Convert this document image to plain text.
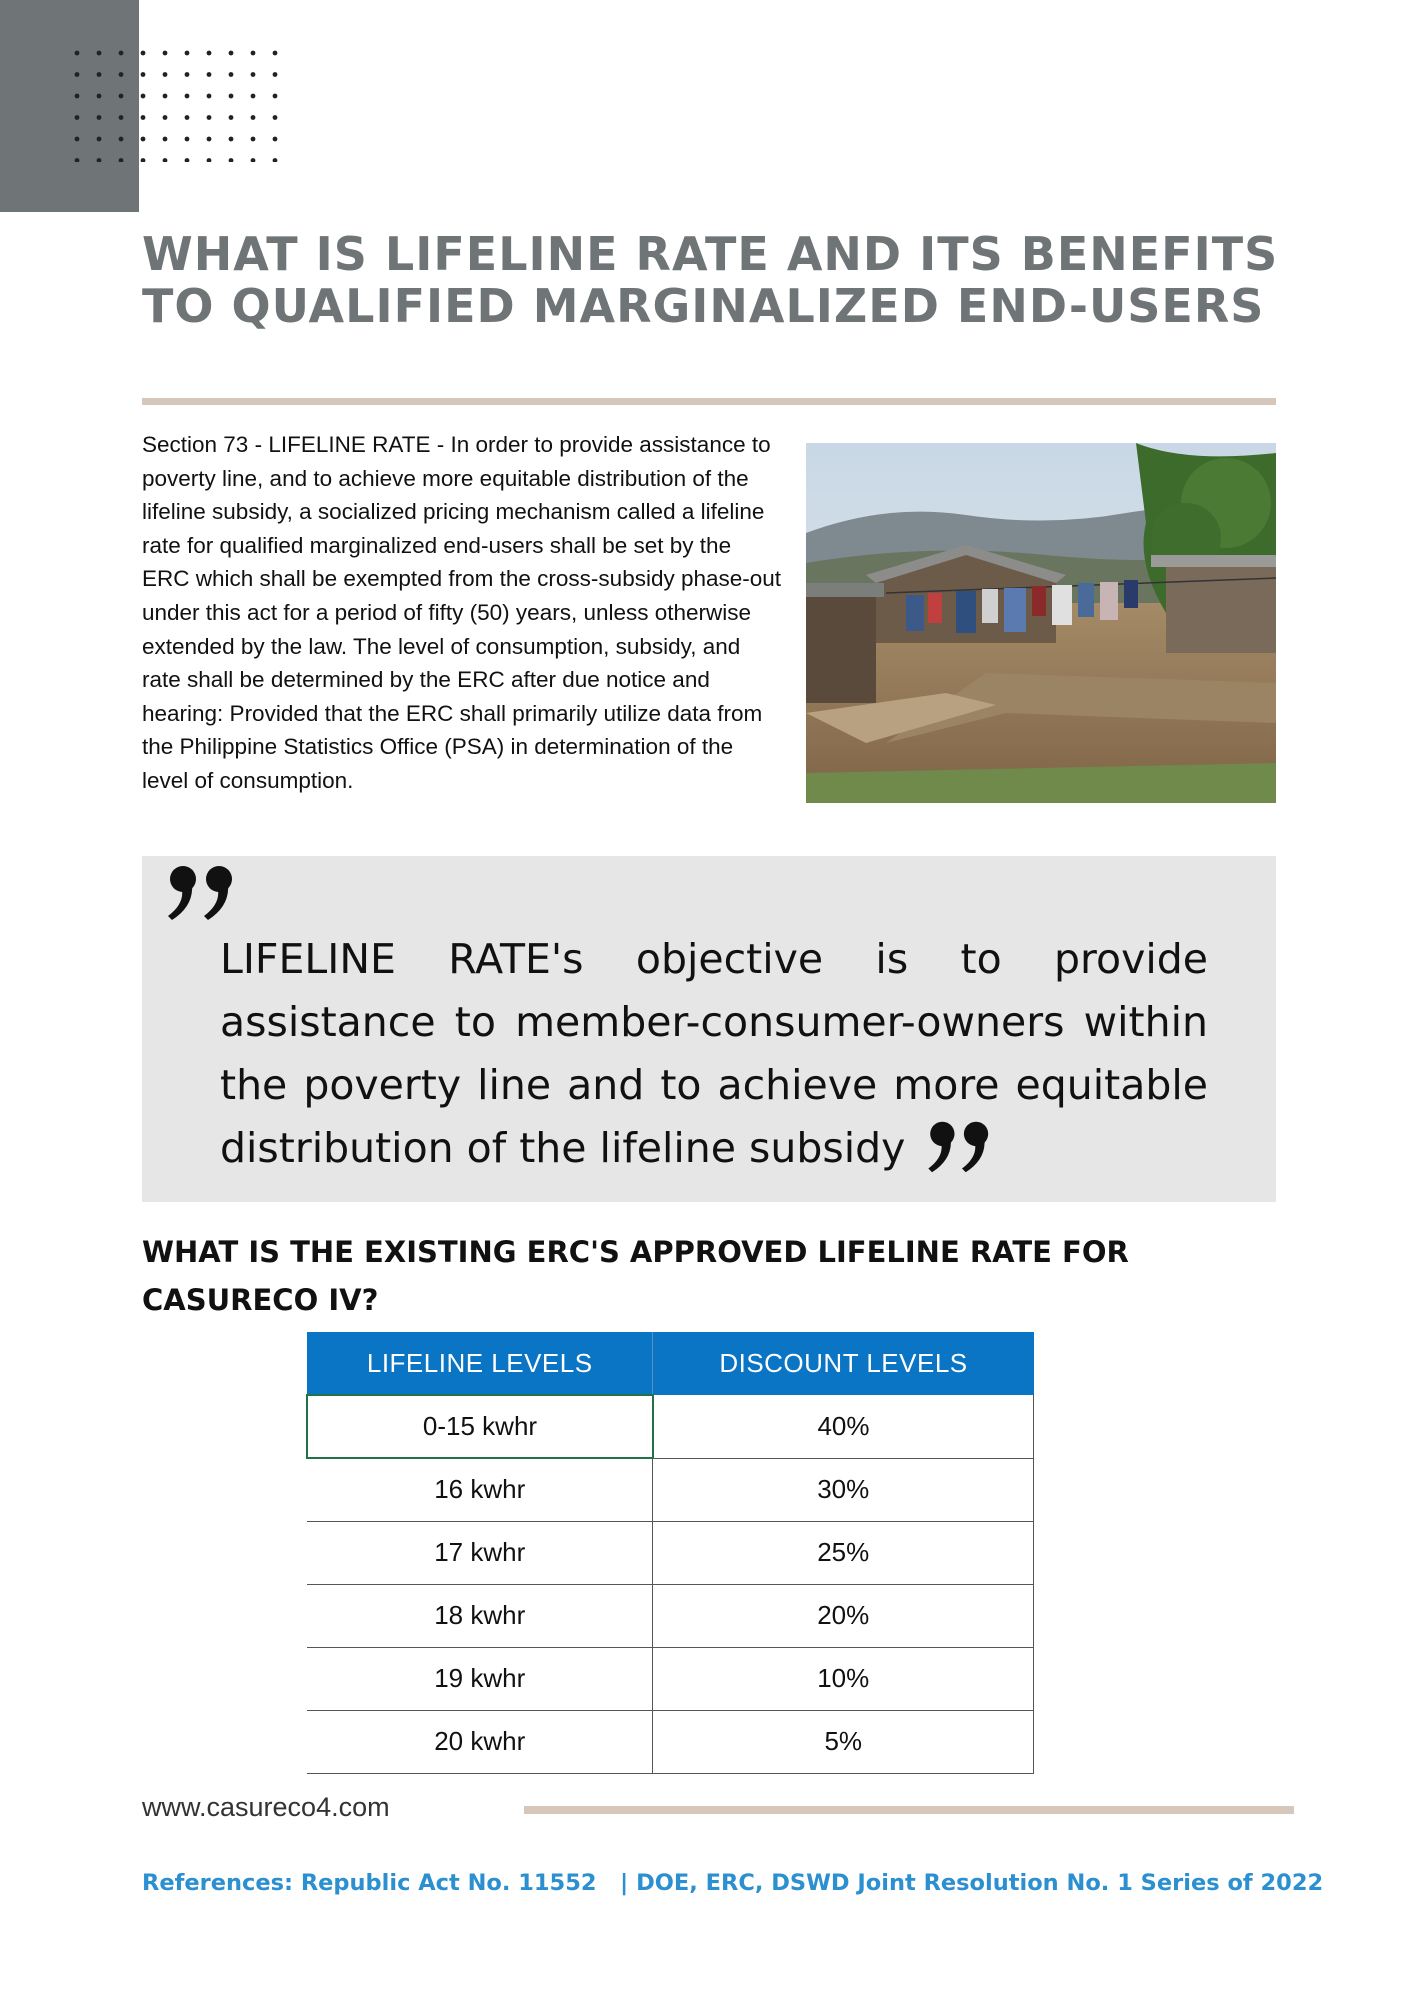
WHAT IS LIFELINE RATE AND ITS BENEFITS
TO QUALIFIED MARGINALIZED END-USERS

Section 73 - LIFELINE RATE - In order to provide assistance to poverty line, and to achieve more equitable distribution of the lifeline subsidy, a socialized pricing mechanism called a lifeline rate for qualified marginalized end-users shall be set by the ERC which shall be exempted from the cross-subsidy phase-out under this act for a period of fifty (50) years, unless otherwise extended by the law. The level of consumption, subsidy, and rate shall be determined by the ERC after due notice and hearing: Provided that the ERC shall primarily utilize data from the Philippine Statistics Office (PSA) in determination of the level of consumption.

LIFELINE RATE's objective is to provide assistance to member-consumer-owners within the poverty line and to achieve more equitable distribution of the lifeline subsidy

WHAT IS THE EXISTING ERC'S APPROVED LIFELINE RATE FOR
CASURECO IV?
LIFELINE LEVELS	DISCOUNT LEVELS
0-15 kwhr	40%
16 kwhr	30%
17 kwhr	25%
18 kwhr	20%
19 kwhr	10%
20 kwhr	5%
www.casureco4.com
References: Republic Act No. 11552   | DOE, ERC, DSWD Joint Resolution No. 1 Series of 2022
